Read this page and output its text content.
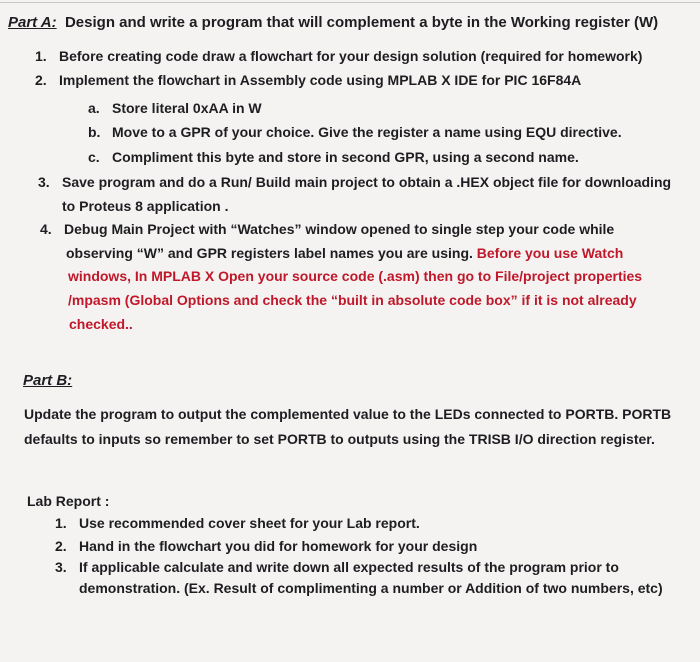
Part A: Design and write a program that will complement a byte in the Working register (W)
1. Before creating code draw a flowchart for your design solution (required for homework)
2. Implement the flowchart in Assembly code using MPLAB X IDE for PIC 16F84A
a. Store literal 0xAA in W
b. Move to a GPR of your choice. Give the register a name using EQU directive.
c. Compliment this byte and store in second GPR, using a second name.
3. Save program and do a Run/ Build main project to obtain a .HEX object file for downloading
to Proteus 8 application .
4. Debug Main Project with “Watches” window opened to single step your code while
observing “W” and GPR registers label names you are using. Before you use Watch
windows, In MPLAB X Open your source code (.asm) then go to File/project properties
/mpasm (Global Options and check the “built in absolute code box” if it is not already
checked..
Part B:
Update the program to output the complemented value to the LEDs connected to PORTB. PORTB
defaults to inputs so remember to set PORTB to outputs using the TRISB I/O direction register.
Lab Report :
1. Use recommended cover sheet for your Lab report.
2. Hand in the flowchart you did for homework for your design
3. If applicable calculate and write down all expected results of the program prior to
demonstration. (Ex. Result of complimenting a number or Addition of two numbers, etc)
